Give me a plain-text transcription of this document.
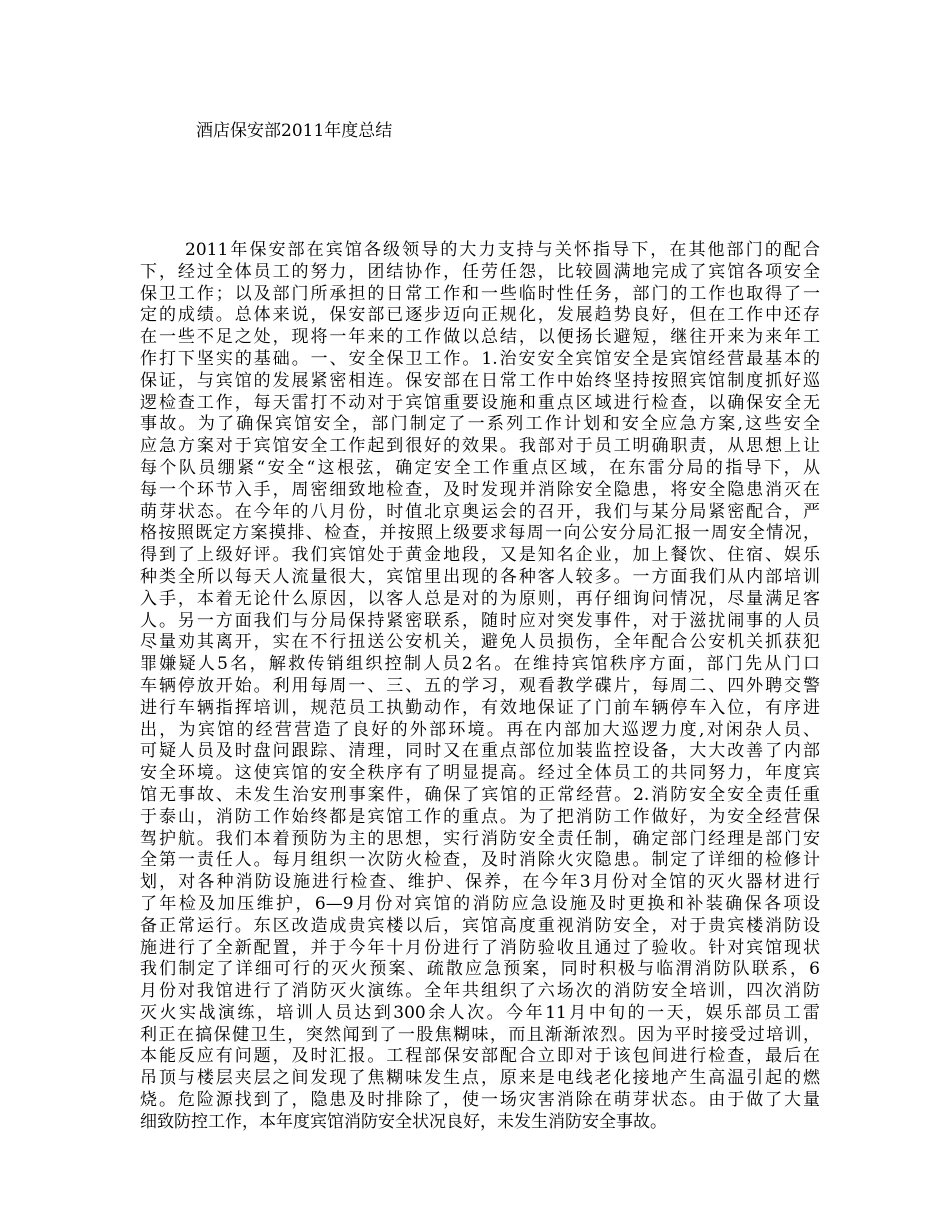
酒店保安部2011年度总结
2011年保安部在宾馆各级领导的大力支持与关怀指导下，在其他部门的配合
下，经过全体员工的努力，团结协作，任劳任怨，比较圆满地完成了宾馆各项安全
保卫工作；以及部门所承担的日常工作和一些临时性任务，部门的工作也取得了一
定的成绩。总体来说，保安部已逐步迈向正规化，发展趋势良好，但在工作中还存
在一些不足之处，现将一年来的工作做以总结，以便扬长避短，继往开来为来年工
作打下坚实的基础。一、安全保卫工作。1.治安安全宾馆安全是宾馆经营最基本的
保证，与宾馆的发展紧密相连。保安部在日常工作中始终坚持按照宾馆制度抓好巡
逻检查工作，每天雷打不动对于宾馆重要设施和重点区域进行检查，以确保安全无
事故。为了确保宾馆安全，部门制定了一系列工作计划和安全应急方案,这些安全
应急方案对于宾馆安全工作起到很好的效果。我部对于员工明确职责，从思想上让
每个队员绷紧“安全“这根弦，确定安全工作重点区域，在东雷分局的指导下，从
每一个环节入手，周密细致地检查，及时发现并消除安全隐患，将安全隐患消灭在
萌芽状态。在今年的八月份，时值北京奥运会的召开，我们与某分局紧密配合，严
格按照既定方案摸排、检查，并按照上级要求每周一向公安分局汇报一周安全情况，
得到了上级好评。我们宾馆处于黄金地段，又是知名企业，加上餐饮、住宿、娱乐
种类全所以每天人流量很大，宾馆里出现的各种客人较多。一方面我们从内部培训
入手，本着无论什么原因，以客人总是对的为原则，再仔细询问情况，尽量满足客
人。另一方面我们与分局保持紧密联系，随时应对突发事件，对于滋扰闹事的人员
尽量劝其离开，实在不行扭送公安机关，避免人员损伤，全年配合公安机关抓获犯
罪嫌疑人5名，解救传销组织控制人员2名。在维持宾馆秩序方面，部门先从门口
车辆停放开始。利用每周一、三、五的学习，观看教学碟片，每周二、四外聘交警
进行车辆指挥培训，规范员工执勤动作，有效地保证了门前车辆停车入位，有序进
出，为宾馆的经营营造了良好的外部环境。再在内部加大巡逻力度,对闲杂人员、
可疑人员及时盘问跟踪、清理，同时又在重点部位加装监控设备，大大改善了内部
安全环境。这使宾馆的安全秩序有了明显提高。经过全体员工的共同努力，年度宾
馆无事故、未发生治安刑事案件，确保了宾馆的正常经营。2.消防安全安全责任重
于泰山，消防工作始终都是宾馆工作的重点。为了把消防工作做好，为安全经营保
驾护航。我们本着预防为主的思想，实行消防安全责任制，确定部门经理是部门安
全第一责任人。每月组织一次防火检查，及时消除火灾隐患。制定了详细的检修计
划，对各种消防设施进行检查、维护、保养，在今年3月份对全馆的灭火器材进行
了年检及加压维护，6—9月份对宾馆的消防应急设施及时更换和补装确保各项设
备正常运行。东区改造成贵宾楼以后，宾馆高度重视消防安全，对于贵宾楼消防设
施进行了全新配置，并于今年十月份进行了消防验收且通过了验收。针对宾馆现状
我们制定了详细可行的灭火预案、疏散应急预案，同时积极与临渭消防队联系，6
月份对我馆进行了消防灭火演练。全年共组织了六场次的消防安全培训，四次消防
灭火实战演练，培训人员达到300余人次。今年11月中旬的一天，娱乐部员工雷
利正在搞保健卫生，突然闻到了一股焦糊味，而且渐渐浓烈。因为平时接受过培训，
本能反应有问题，及时汇报。工程部保安部配合立即对于该包间进行检查，最后在
吊顶与楼层夹层之间发现了焦糊味发生点，原来是电线老化接地产生高温引起的燃
烧。危险源找到了，隐患及时排除了，使一场灾害消除在萌芽状态。由于做了大量
细致防控工作，本年度宾馆消防安全状况良好，未发生消防安全事故。
